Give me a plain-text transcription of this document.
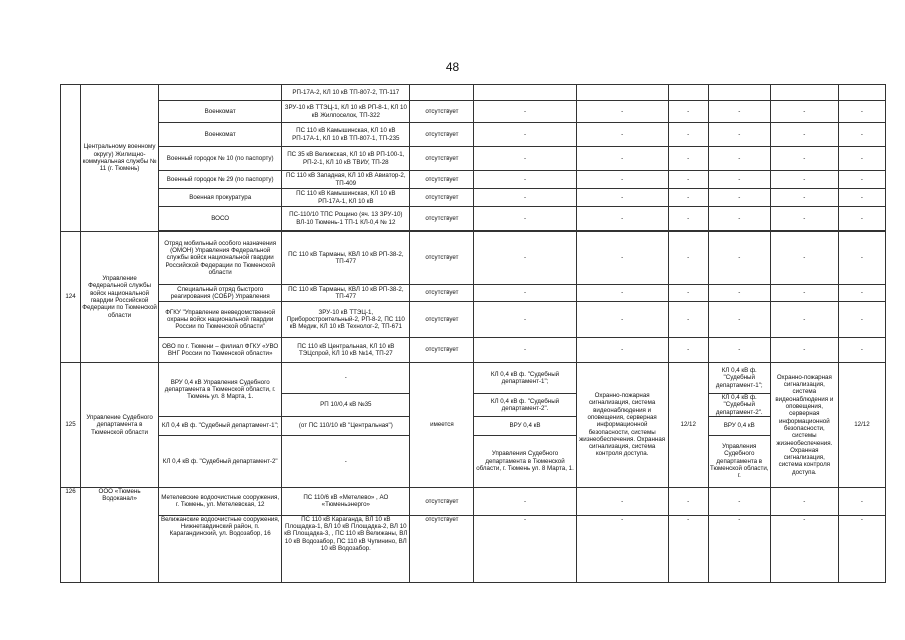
48
	Центральному военному округу) Жилищно-коммунальная службы № 11 (г. Тюмень)		РП-17А-2, КЛ 10 кВ ТП-807-2, ТП-117							
		Военкомат	ЗРУ-10 кВ ТТЭЦ-1, КЛ 10 кВ РП-8-1, КЛ 10 кВ Жилпоселок, ТП-322	отсутствует	-	-	-	-	-	-
		Военкомат	ПС 110 кВ Камышинская, КЛ 10 кВ РП-17А-1, КЛ 10 кВ ТП-807-1, ТП-235	отсутствует	-	-	-	-	-	-
		Военный городок № 10 (по паспорту)	ПС 35 кВ Велижская, КЛ 10 кВ РП-100-1, РП-2-1, КЛ 10 кВ ТВИУ, ТП-28	отсутствует	-	-	-	-	-	-
		Военный городок № 29 (по паспорту)	ПС 110 кВ Западная, КЛ 10 кВ Авиатор-2, ТП-409	отсутствует	-	-	-	-	-	-
		Военная прокуратура	ПС 110 кВ Камышинская, КЛ 10 кВ РП-17А-1, КЛ 10 кВ	отсутствует	-	-	-	-	-	-
		ВОСО	ПС-110/10 ТПС Рощино (яч. 13 ЗРУ-10) ВЛ-10 Тюмень-1 ТП-1 КЛ-0,4 № 12	отсутствует	-	-	-	-	-	-

124	Управление Федеральной службы войск национальной гвардии Российской Федерации по Тюменской области	Отряд мобильный особого назначения (ОМОН) Управления Федеральной службы войск национальной гвардии Российской Федерации по Тюменской области	ПС 110 кВ Тарманы, КВЛ 10 кВ РП-38-2, ТП-477	отсутствует	-	-	-	-	-	-
		Специальный отряд быстрого реагирования (СОБР) Управления	ПС 110 кВ Тарманы, КВЛ 10 кВ РП-38-2, ТП-477	отсутствует	-	-	-	-	-	-
		ФГКУ "Управление вневедомственной охраны войск национальной гвардии России по Тюменской области"	ЗРУ-10 кВ ТТЭЦ-1, Приборостроительный-2, РП-8-2, ПС 110 кВ Медик, КЛ 10 кВ Технолог-2, ТП-671	отсутствует	-	-	-	-	-	-
		ОВО по г. Тюмени – филиал ФГКУ «УВО ВНГ России по Тюменской области»	ПС 110 кВ Центральная, КЛ 10 кВ ТЭЦспрой, КЛ 10 кВ №14, ТП-27	отсутствует	-	-	-	-	-	-
125	Управление Судебного департамента в Тюменской области	ВРУ 0,4 кВ Управления Судебного департамента в Тюменской области, г. Тюмень ул. 8 Марта, 1.	-	имеется	КЛ 0,4 кВ ф. "Судебный департамент-1";	Охранно-пожарная сигнализация, система видеонаблюдения и оповещения, серверная информационной безопасности, системы жизнеобеспечения. Охранная сигнализация, система контроля доступа.	12/12	КЛ 0,4 кВ ф. "Судебный департамент-1";	Охранно-пожарная сигнализация, система видеонаблюдения и оповещения, серверная информационной безопасности, системы жизнеобеспечения. Охранная сигнализация, система контроля доступа.	12/12
			РП 10/0,4 кВ №35		КЛ 0,4 кВ ф. "Судебный департамент-2".			КЛ 0,4 кВ ф. "Судебный департамент-2".		
		КЛ 0,4 кВ ф. "Судебный департамент-1";	(от ПС 110/10 кВ "Центральная")		ВРУ 0,4 кВ			ВРУ 0,4 кВ		
		КЛ 0,4 кВ ф. "Судебный департамент-2"	-		Управления Судебного департамента в Тюменской области, г. Тюмень ул. 8 Марта, 1.			Управления Судебного департамента в Тюменской области, г.		
126	ООО «Тюмень Водоканал»	Метелевские водоочистные сооружения, г. Тюмень, ул. Метелевская, 12	ПС 110/6 кВ «Метелево» , АО «Тюменьэнерго»	отсутствует	-	-	-	-	-	-
		Велижанские водоочистные сооружения, Нижнетавдинский район, п. Карагандинский, ул. Водозабор, 16	ПС 110 кВ Караганда, ВЛ 10 кВ Площадка-1, ВЛ 10 кВ Площадка-2, ВЛ 10 кВ Площадка-3, , ПС 110 кВ Велижаны, ВЛ 10 кВ Водозабор, ПС 110 кВ Чупинино, ВЛ 10 кВ Водозабор.	отсутствует	-	-	-	-	-	-
